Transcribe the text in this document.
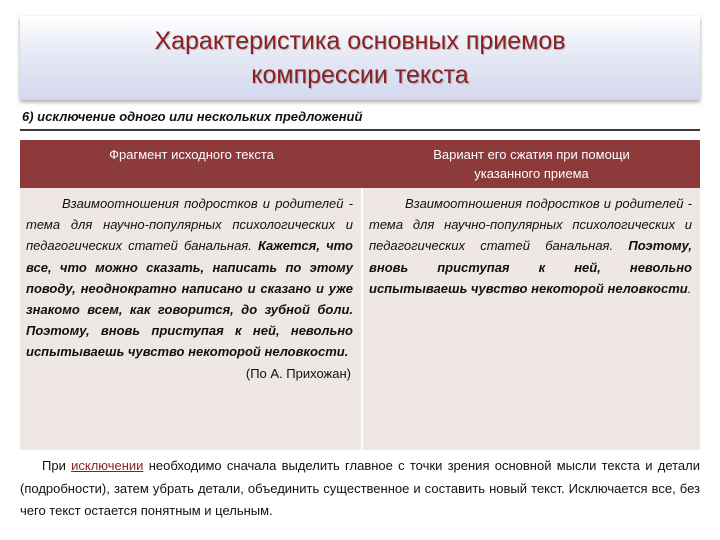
Характеристика основных приемов
компрессии текста
6) исключение одного или нескольких предложений
Фрагмент исходного текста	Вариант его сжатия при помощи
указанного приема

Взаимоотношения подростков и родителей - тема для научно-популярных психологических и педагогических статей банальная. Кажется, что все, что можно сказать, написать по этому поводу, неоднократно написано и сказано и уже знакомо всем, как говорится, до зубной боли. Поэтому, вновь приступая к ней, невольно испытываешь чувство некоторой неловкости.

(По А. Прихожан)

Взаимоотношения подростков и родителей - тема для научно-популярных психологических и педагогических статей банальная. Поэтому, вновь приступая к ней, невольно испытываешь чувство некоторой неловкости.

При исключении необходимо сначала выделить главное с точки зрения основной мысли текста и детали (подробности), затем убрать детали, объединить существенное и составить новый текст. Исключается все, без чего текст остается понятным и цельным.
